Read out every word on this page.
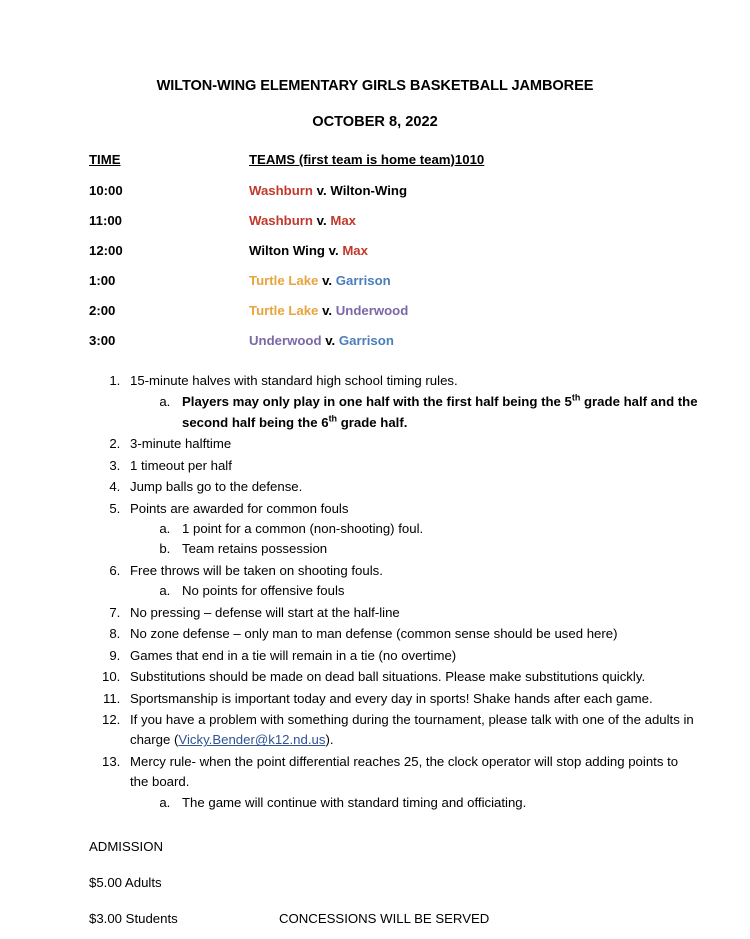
WILTON-WING ELEMENTARY GIRLS BASKETBALL JAMBOREE
OCTOBER 8, 2022
TIME	TEAMS (first team is home team)1010
10:00	Washburn v. Wilton-Wing
11:00	Washburn v. Max
12:00	Wilton Wing v. Max
1:00	Turtle Lake v. Garrison
2:00	Turtle Lake v. Underwood
3:00	Underwood v. Garrison
1. 15-minute halves with standard high school timing rules.
a. Players may only play in one half with the first half being the 5th grade half and the second half being the 6th grade half.
2. 3-minute halftime
3. 1 timeout per half
4. Jump balls go to the defense.
5. Points are awarded for common fouls
a. 1 point for a common (non-shooting) foul.
b. Team retains possession
6. Free throws will be taken on shooting fouls.
a. No points for offensive fouls
7. No pressing – defense will start at the half-line
8. No zone defense – only man to man defense (common sense should be used here)
9. Games that end in a tie will remain in a tie (no overtime)
10. Substitutions should be made on dead ball situations. Please make substitutions quickly.
11. Sportsmanship is important today and every day in sports! Shake hands after each game.
12. If you have a problem with something during the tournament, please talk with one of the adults in charge (Vicky.Bender@k12.nd.us).
13. Mercy rule- when the point differential reaches 25, the clock operator will stop adding points to the board.
a. The game will continue with standard timing and officiating.
ADMISSION
$5.00 Adults
$3.00 Students	CONCESSIONS WILL BE SERVED
